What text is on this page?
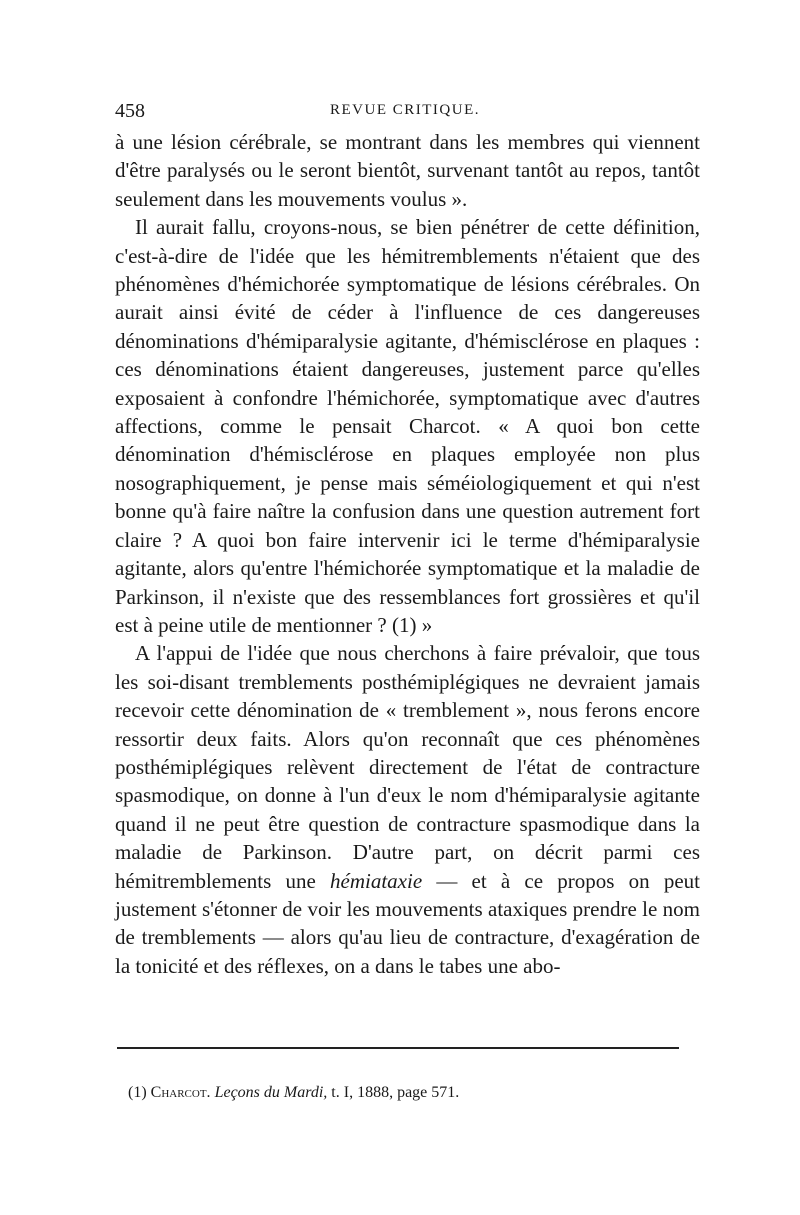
458	REVUE CRITIQUE.

à une lésion cérébrale, se montrant dans les membres qui viennent d'être paralysés ou le seront bientôt, survenant tantôt au repos, tantôt seulement dans les mouvements voulus ».

Il aurait fallu, croyons-nous, se bien pénétrer de cette définition, c'est-à-dire de l'idée que les hémitremblements n'étaient que des phénomènes d'hémichorée symptomatique de lésions cérébrales. On aurait ainsi évité de céder à l'influence de ces dangereuses dénominations d'hémiparalysie agitante, d'hémisclérose en plaques : ces dénominations étaient dangereuses, justement parce qu'elles exposaient à confondre l'hémichorée, symptomatique avec d'autres affections, comme le pensait Charcot. « A quoi bon cette dénomination d'hémisclérose en plaques employée non plus nosographiquement, je pense mais séméiologiquement et qui n'est bonne qu'à faire naître la confusion dans une question autrement fort claire ? A quoi bon faire intervenir ici le terme d'hémiparalysie agitante, alors qu'entre l'hémichorée symptomatique et la maladie de Parkinson, il n'existe que des ressemblances fort grossières et qu'il est à peine utile de mentionner ? (1) »

A l'appui de l'idée que nous cherchons à faire prévaloir, que tous les soi-disant tremblements posthémiplégiques ne devraient jamais recevoir cette dénomination de « tremblement », nous ferons encore ressortir deux faits. Alors qu'on reconnaît que ces phénomènes posthémiplégiques relèvent directement de l'état de contracture spasmodique, on donne à l'un d'eux le nom d'hémiparalysie agitante quand il ne peut être question de contracture spasmodique dans la maladie de Parkinson. D'autre part, on décrit parmi ces hémitremblements une hémiataxie — et à ce propos on peut justement s'étonner de voir les mouvements ataxiques prendre le nom de tremblements — alors qu'au lieu de contracture, d'exagération de la tonicité et des réflexes, on a dans le tabes une abo-

(1) Charcot. Leçons du Mardi, t. I, 1888, page 571.
